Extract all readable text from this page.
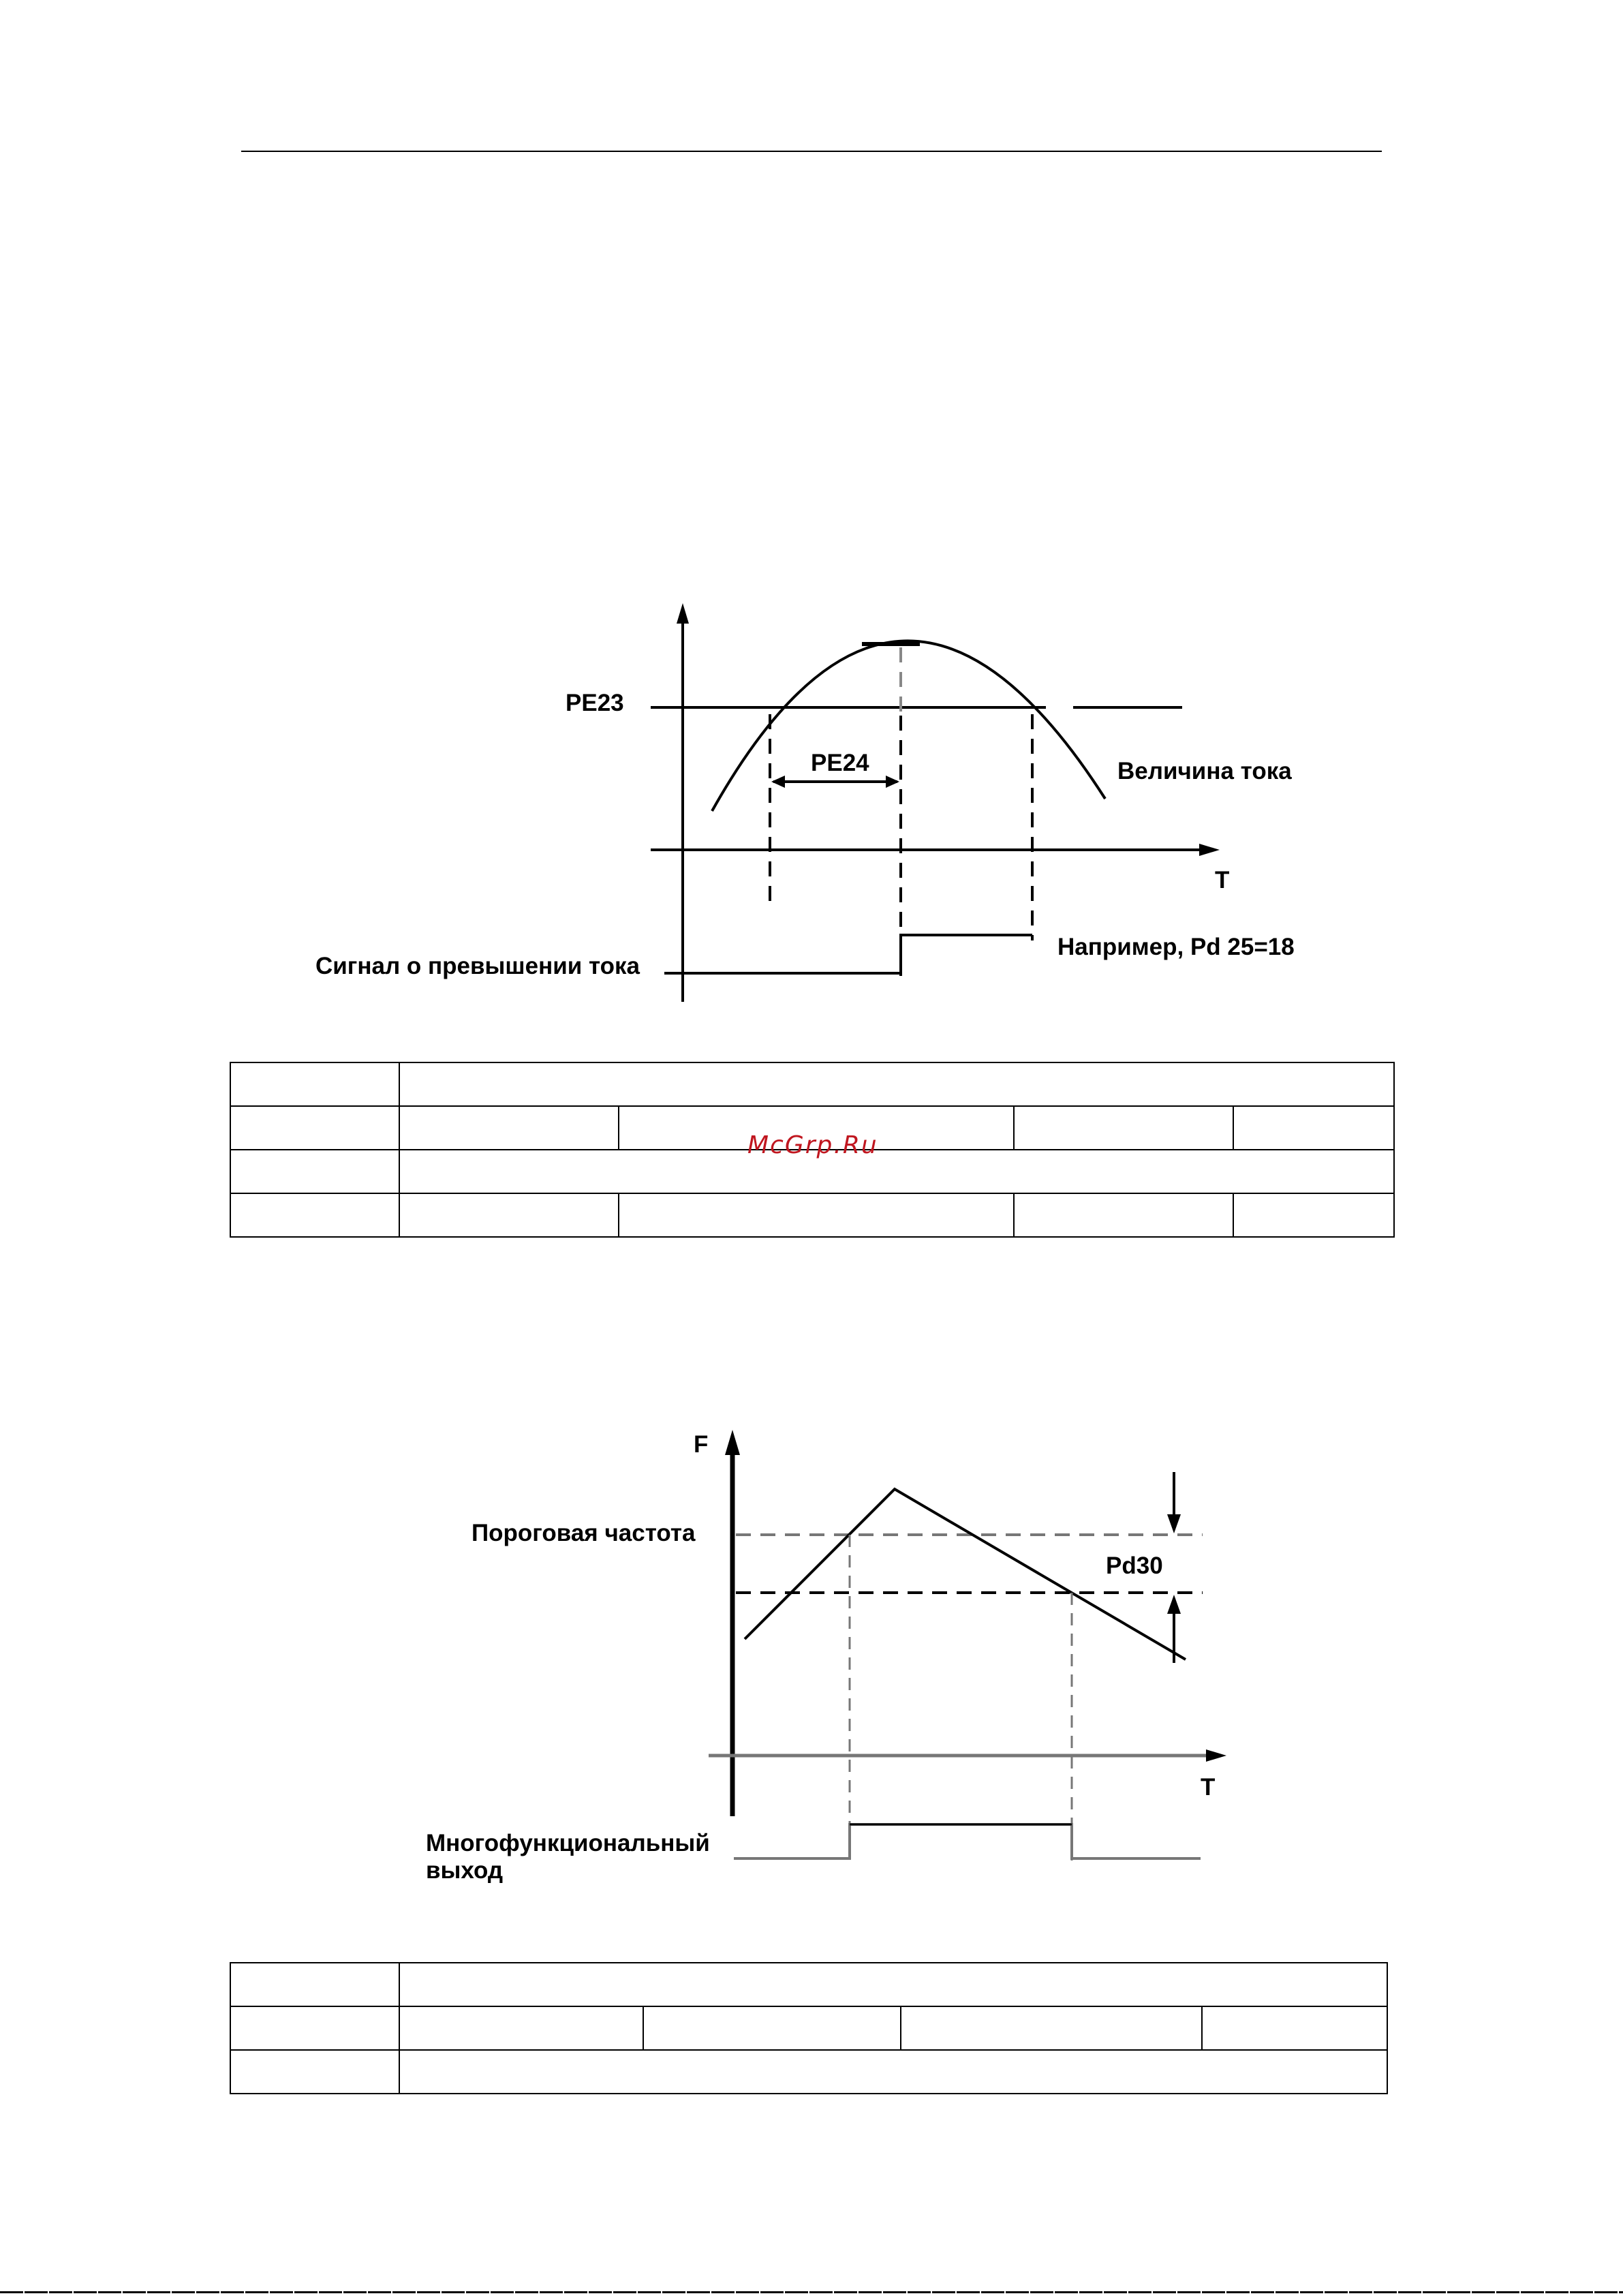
PE23
PE24	Величина тока
T
Сигнал о превышении тока
Например, Pd 25=18

McGrp.Ru
F
Пороговая частота
Pd30
T
Многофункциональный
выход
